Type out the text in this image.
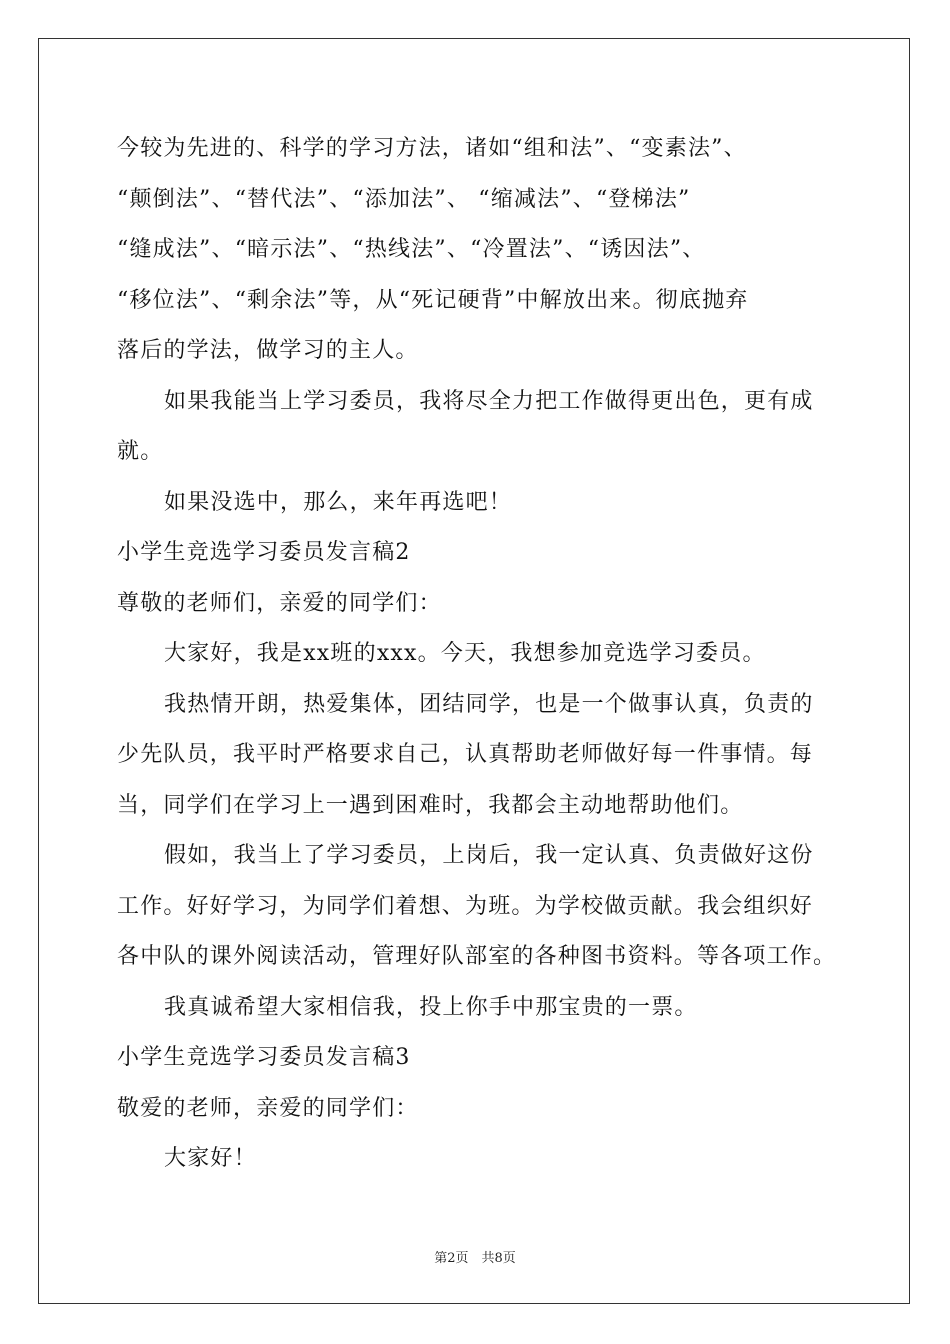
今较为先进的、科学的学习方法，诸如“组和法”、“变素法”、
“颠倒法”、“替代法”、“添加法”、 “缩减法”、“登梯法”
“缝成法”、“暗示法”、“热线法”、“冷置法”、“诱因法”、
“移位法”、“剩余法”等，从“死记硬背”中解放出来。彻底抛弃
落后的学法，做学习的主人。
如果我能当上学习委员，我将尽全力把工作做得更出色，更有成
就。
如果没选中，那么，来年再选吧！
小学生竞选学习委员发言稿2
尊敬的老师们，亲爱的同学们：
大家好，我是xx班的xxx。今天，我想参加竞选学习委员。
我热情开朗，热爱集体，团结同学，也是一个做事认真，负责的
少先队员，我平时严格要求自己，认真帮助老师做好每一件事情。每
当，同学们在学习上一遇到困难时，我都会主动地帮助他们。
假如，我当上了学习委员，上岗后，我一定认真、负责做好这份
工作。好好学习，为同学们着想、为班。为学校做贡献。我会组织好
各中队的课外阅读活动，管理好队部室的各种图书资料。等各项工作。
我真诚希望大家相信我，投上你手中那宝贵的一票。
小学生竞选学习委员发言稿3
敬爱的老师，亲爱的同学们：
大家好！
第2页　共8页
